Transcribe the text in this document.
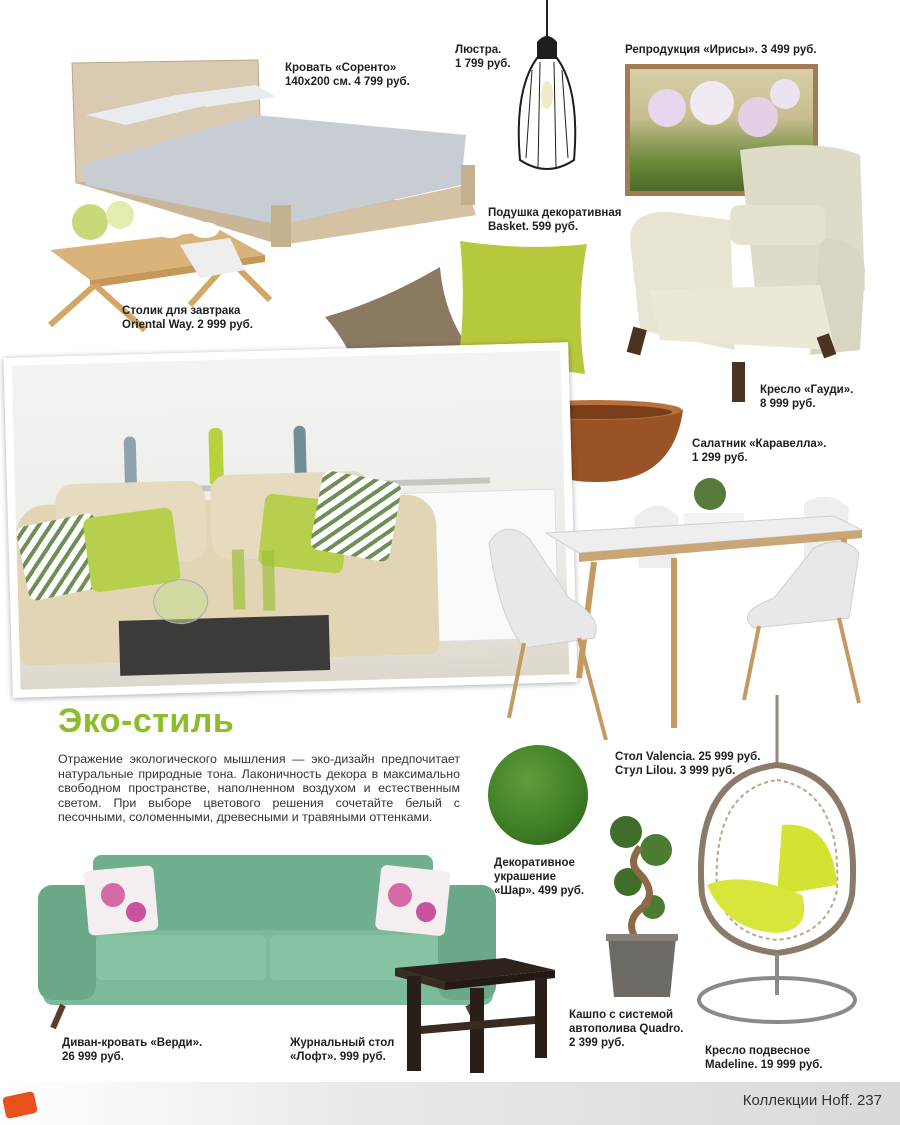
Кровать «Соренто»
140x200 см. 4 799 руб.
Люстра.
1 799 руб.
Репродукция «Ирисы». 3 499 руб.
Кресло «Гауди».
8 999 руб.
Столик для завтрака
Oriental Way. 2 999 руб.
Подушка декоративная
Basket. 599 руб.
Салатник «Каравелла».
1 299 руб.
Стол Valencia. 25 999 руб.
Стул Lilou. 3 999 руб.
Эко-стиль
Отражение экологического мышления — эко-дизайн предпочитает натуральные природные тона. Лаконичность декора в максимально свободном пространстве, наполненном воздухом и естественным светом. При выборе цветового решения сочетайте белый с песочными, соломенными, древесными и травяными оттенками.
Декоративное
украшение
«Шар». 499 руб.
Кашпо с системой
автополива Quadro.
2 399 руб.
Кресло подвесное
Madeline. 19 999 руб.
Диван-кровать «Верди».
26 999 руб.
Журнальный стол
«Лофт». 999 руб.
Коллекции Hoff. 237
